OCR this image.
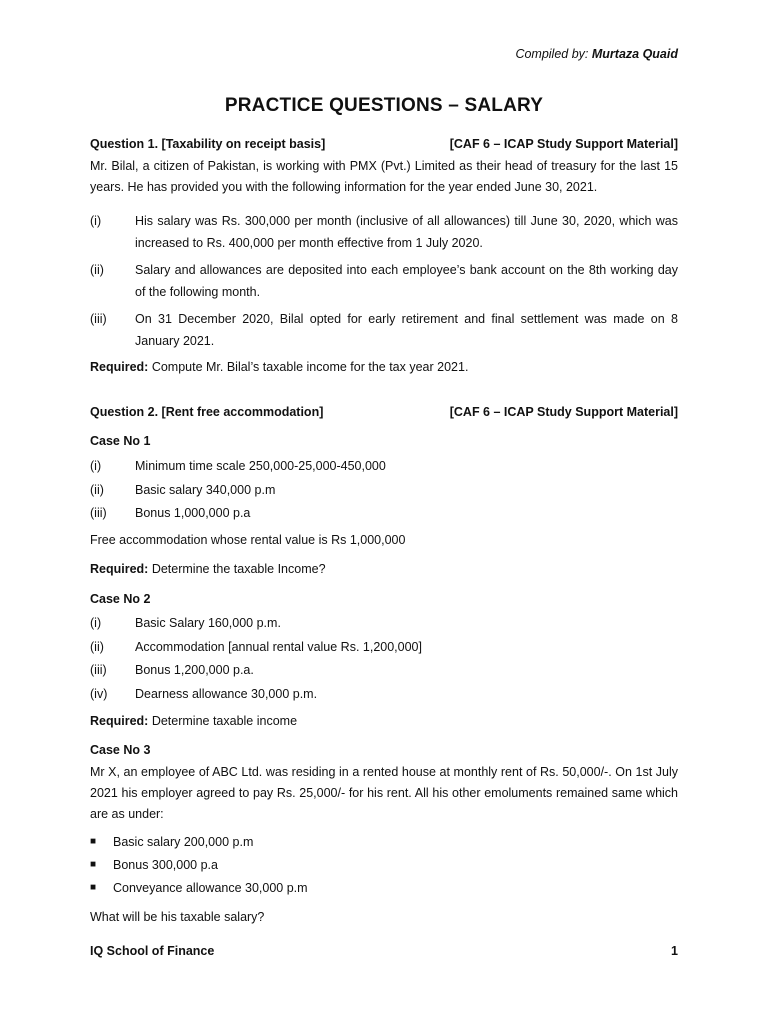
Compiled by: Murtaza Quaid
PRACTICE QUESTIONS – SALARY
Question 1. [Taxability on receipt basis]	[CAF 6 – ICAP Study Support Material]
Mr. Bilal, a citizen of Pakistan, is working with PMX (Pvt.) Limited as their head of treasury for the last 15 years. He has provided you with the following information for the year ended June 30, 2021.
(i)	His salary was Rs. 300,000 per month (inclusive of all allowances) till June 30, 2020, which was increased to Rs. 400,000 per month effective from 1 July 2020.
(ii)	Salary and allowances are deposited into each employee’s bank account on the 8th working day of the following month.
(iii)	On 31 December 2020, Bilal opted for early retirement and final settlement was made on 8 January 2021.
Required: Compute Mr. Bilal’s taxable income for the tax year 2021.
Question 2. [Rent free accommodation]	[CAF 6 – ICAP Study Support Material]
Case No 1
(i)	Minimum time scale 250,000-25,000-450,000
(ii)	Basic salary 340,000 p.m
(iii)	Bonus 1,000,000 p.a
Free accommodation whose rental value is Rs 1,000,000
Required: Determine the taxable Income?
Case No 2
(i)	Basic Salary 160,000 p.m.
(ii)	Accommodation [annual rental value Rs. 1,200,000]
(iii)	Bonus 1,200,000 p.a.
(iv)	Dearness allowance 30,000 p.m.
Required: Determine taxable income
Case No 3
Mr X, an employee of ABC Ltd. was residing in a rented house at monthly rent of Rs. 50,000/-. On 1st July 2021 his employer agreed to pay Rs. 25,000/- for his rent. All his other emoluments remained same which are as under:
■	Basic salary 200,000 p.m
■	Bonus 300,000 p.a
■	Conveyance allowance 30,000 p.m
What will be his taxable salary?
IQ School of Finance	1
